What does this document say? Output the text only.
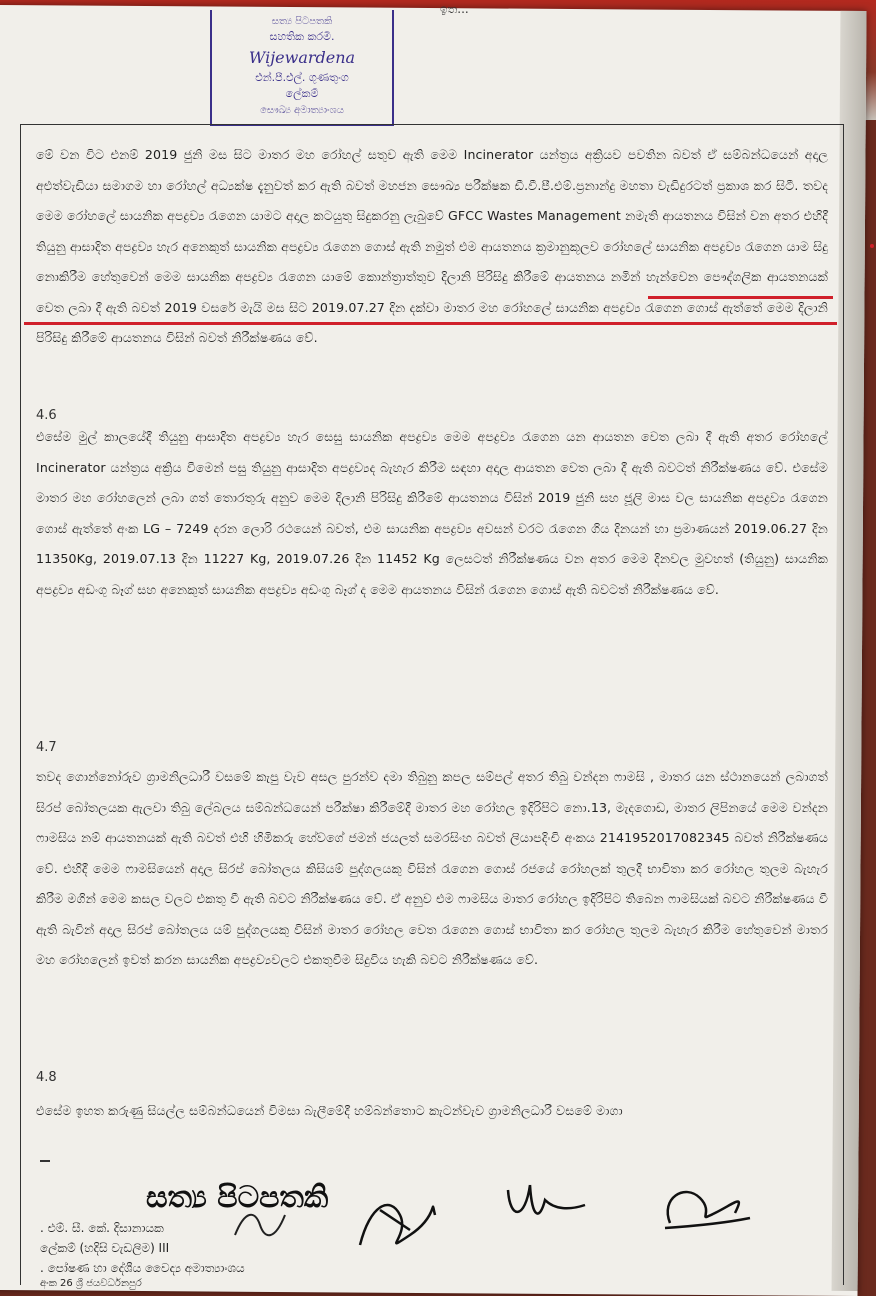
ඉත...
සත්‍ය පිටපතකි
සහතික කරමි.
Wijewardena
එන්.පී.එල්. ගුණතුංග
ලේකම්
සෞඛ්‍ය අමාත්‍යාංශය

මේ වන විට එනම් 2019 ජුනි මස සිට මාතර මහ රෝහල් සතුව ඇති මෙම Incinerator යන්ත්‍රය අක්‍රියව පවතින බවත් ඒ සම්බන්ධයෙන් අදාල අළුත්වැඩියා සමාගම හා රෝහල් අධ්‍යක්ෂ දැනුවත් කර ඇති බවත් මහජන සෞඛ්‍ය පරීක්ෂක ඩී.වී.පී.එම්.ප්‍රනාන්දු මහතා වැඩිදුරටත් ප්‍රකාශ කර සිටී. තවද මෙම රෝහලේ සායනික අපද්‍රව්‍ය රැගෙන යාමට අදාල කටයුතු සිදුකරනු ලැබුවේ GFCC Wastes Management නමැති ආයතනය විසින් වන අතර එහිදී තියුනු ආසාදිත අපද්‍රව්‍ය හැර අනෙකුත් සායනික අපද්‍රව්‍ය රැගෙන ගොස් ඇති නමුත් එම ආයතනය ක්‍රමානුකූලව රෝහලේ සායනික අපද්‍රව්‍ය රැගෙන යාම සිදු නොකිරීම හේතුවෙන් මෙම සායනික අපද්‍රව්‍ය රැගෙන යාමේ කොන්ත්‍රාත්තුව දිලානි පිරිසිදු කිරීමේ ආයතනය නමින් හැන්වෙන පෞද්ගලික ආයතනයක් වෙත ලබා දී ඇති බවත් 2019 වසරේ මැයි මස සිට 2019.07.27 දින දක්වා මාතර මහ රෝහලේ සායනික අපද්‍රව්‍ය රැගෙන ගොස් ඇත්තේ මෙම දිලානි පිරිසිදු කිරීමේ ආයතනය විසින් බවත් නිරීක්ෂණය වේ.

4.6

එසේම මුල් කාලයේදී තියුනු ආසාදිත අපද්‍රව්‍ය හැර සෙසු සායනික අපද්‍රව්‍ය මෙම අපද්‍රව්‍ය රැගෙන යන ආයතන වෙත ලබා දී ඇති අතර රෝහලේ Incinerator යන්ත්‍රය අක්‍රිය වීමෙන් පසු තියුනු ආසාදිත අපද්‍රව්‍යද බැහැර කිරීම සඳහා අදාල ආයතන වෙත ලබා දී ඇති බවටත් නිරීක්ෂණය වේ. එසේම මාතර මහ රෝහලෙන් ලබා ගත් තොරතුරු අනුව මෙම දිලානි පිරිසිදු කිරීමේ ආයතනය විසින් 2019 ජුනි සහ ජූලි මාස වල සායනික අපද්‍රව්‍ය රැගෙන ගොස් ඇත්තේ අංක LG – 7249 දරන ලොරි රථයෙන් බවත්, එම සායනික අපද්‍රව්‍ය අවසන් වරට රැගෙන ගිය දිනයන් හා ප්‍රමාණයන් 2019.06.27 දින 11350Kg, 2019.07.13 දින 11227 Kg, 2019.07.26 දින 11452 Kg ලෙසටත් නිරීක්ෂණය වන අතර මෙම දිනවල මුවහත් (තියුනු) සායනික අපද්‍රව්‍ය අඩංගු බෑග් සහ අනෙකුත් සායනික අපද්‍රව්‍ය අඩංගු බෑග් ද මෙම ආයතනය විසින් රැගෙන ගොස් ඇති බවටත් නිරීක්ෂණය වේ.

4.7

තවද ගොන්නෝරුව ග්‍රාමනිලධාරී වසමේ කැපු වැව අසල පුරන්ව දමා තිබුනු කපල සම්පල් අතර තිබු වන්දන ෆාමසි , මාතර යන ස්ථානයෙන් ලබාගත් සිරප් බෝතලයක ඇලවා තිබු ලේබලය සම්බන්ධයෙන් පරීක්ෂා කිරීමේදී මාතර මහ රෝහල ඉදිරිපිට නො.13, මැදගොඩ, මාතර ලිපිනයේ මෙම වන්දන ෆාමසිය නම් ආයතනයක් ඇති බවත් එහි හිමිකරු හේවගේ ජමන් ජයලත් සමරසිංහ බවත් ලියාපදිංචි අංකය 21419520170823​45 බවත් නිරීක්ෂණය වේ. එහිදී මෙම ෆාමසියෙන් අදාල සිරප් බෝතලය කිසියම් පුද්ගලයකු විසින් රැගෙන ගොස් රජයේ රෝහලක් තුලදී භාවිතා කර රෝහල තුලම බැහැර කිරීම මගින් මෙම කසල වලට එකතු වී ඇති බවට නිරීක්ෂණය වේ. ඒ අනුව එම ෆාමසිය මාතර රෝහල ඉදිරිපිට තිබෙන ෆාමසියක් බවට නිරීක්ෂණය වී ඇති බැවින් අදාල සිරප් බෝතලය යම් පුද්ගලයකු විසින් මාතර රෝහල වෙත රැගෙන ගොස් භාවිතා කර රෝහල තුලම බැහැර කිරීම හේතුවෙන් මාතර මහ රෝහලෙන් ඉවත් කරන සායනික අපද්‍රව්‍යවලට එකතුවීම සිදුවිය හැකි බවට නිරීක්ෂණය වේ.

4.8

එසේම ඉහත කරුණු සියල්ල සම්බන්ධයෙන් විමසා බැලීමේදී හම්බන්තොට කැටන්වැව ග්‍රාමනිලධාරී වසමේ මාගා

සත්‍ය පිටපතකි
. එම්. සී. කේ. දිසානායක
ලේකම් (හදිසි වැඩලිම) III
. පෝෂණ හා දේශීය වෛද්‍ය අමාත්‍යාංශය
අංක 26 ශ්‍රී ජයවර්ධනපුර
